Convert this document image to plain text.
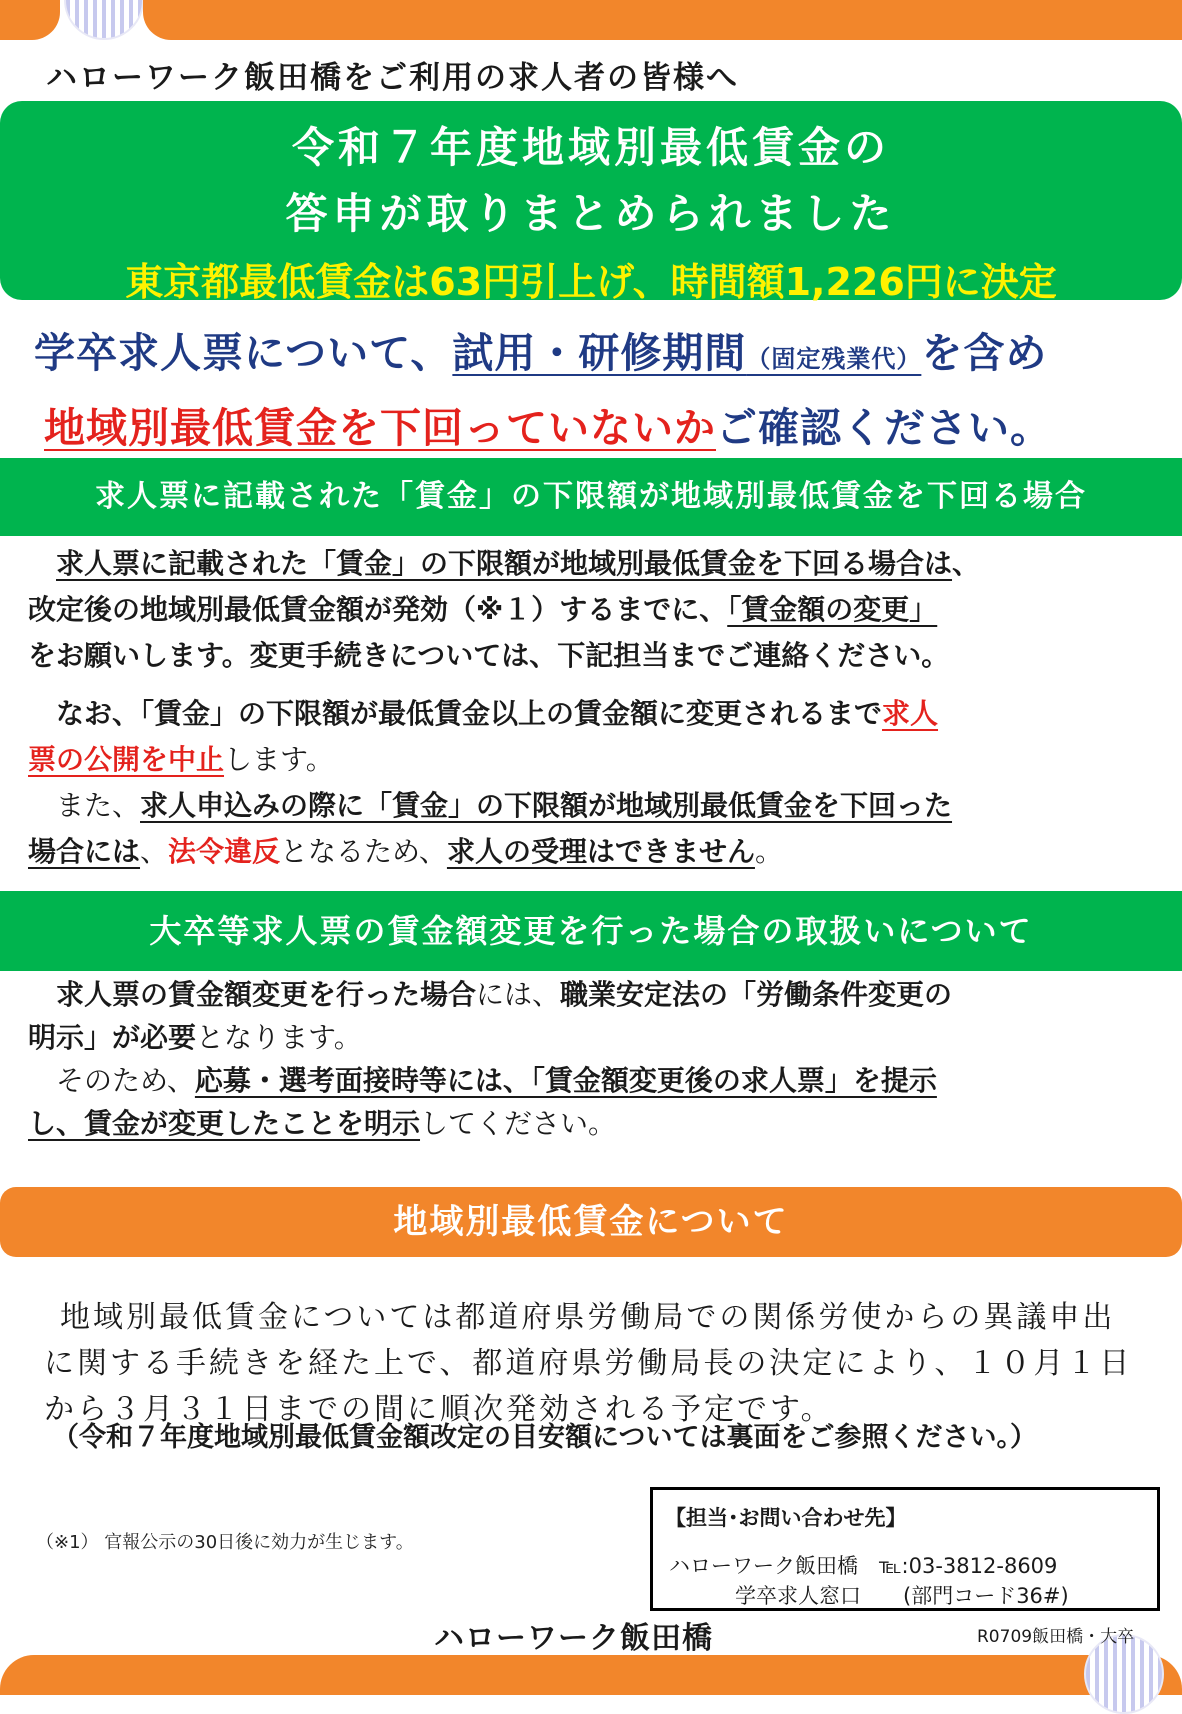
ハローワーク飯田橋をご利用の求人者の皆様へ
令和７年度地域別最低賃金の
答申が取りまとめられました
東京都最低賃金は63円引上げ、時間額1,226円に決定
学卒求人票について、試用・研修期間（固定残業代）を含め
地域別最低賃金を下回っていないかご確認ください。
求人票に記載された「賃金」の下限額が地域別最低賃金を下回る場合
求人票に記載された「賃金」の下限額が地域別最低賃金を下回る場合は、
改定後の地域別最低賃金額が発効（※１）するまでに、「賃金額の変更」
をお願いします。変更手続きについては、下記担当までご連絡ください。
なお、「賃金」の下限額が最低賃金以上の賃金額に変更されるまで求人
票の公開を中止します。
また、求人申込みの際に「賃金」の下限額が地域別最低賃金を下回った
場合には、法令違反となるため、求人の受理はできません。
大卒等求人票の賃金額変更を行った場合の取扱いについて
求人票の賃金額変更を行った場合には、職業安定法の「労働条件変更の
明示」が必要となります。
そのため、応募・選考面接時等には、「賃金額変更後の求人票」を提示
し、賃金が変更したことを明示してください。
地域別最低賃金について
地域別最低賃金については都道府県労働局での関係労使からの異議申出
に関する手続きを経た上で、都道府県労働局長の決定により、１０月１日
から３月３１日までの間に順次発効される予定です。
（令和７年度地域別最低賃金額改定の目安額については裏面をご参照ください。）
（※1） 官報公示の30日後に効力が生じます。
【担当･お問い合わせ先】
ハローワーク飯田橋　℡:03-3812-8609
学卒求人窓口　　(部門コード36#)
ハローワーク飯田橋	R0709飯田橋・大卒
